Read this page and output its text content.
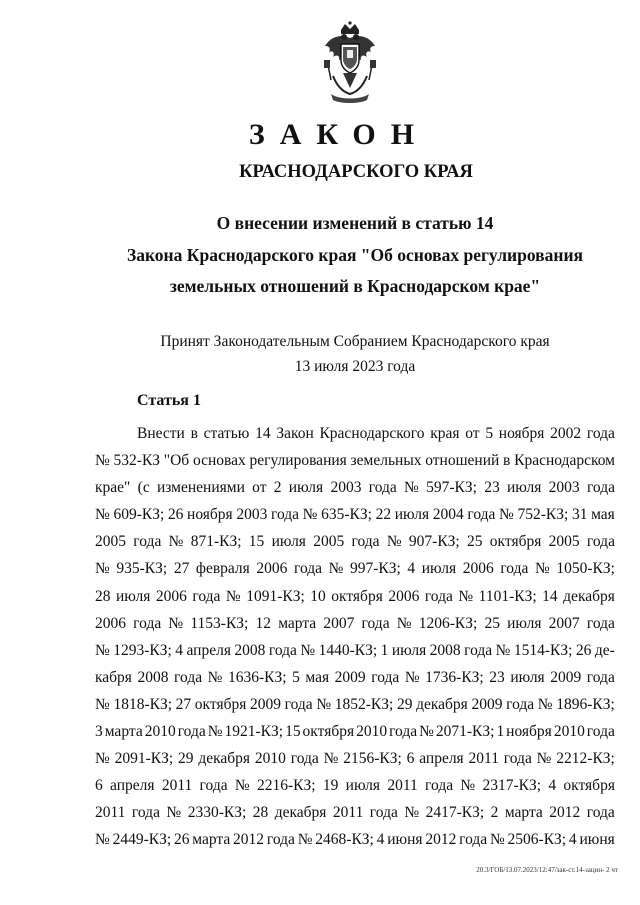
ЗАКОН
КРАСНОДАРСКОГО КРАЯ
О внесении изменений в статью 14
Закона Краснодарского края "Об основах регулирования
земельных отношений в Краснодарском крае"
Принят Законодательным Собранием Краснодарского края
13 июля 2023 года
Статья 1
Внести в статью 14 Закон Краснодарского края от 5 ноября 2002 года
№ 532-КЗ "Об основах регулирования земельных отношений в Краснодарском
крае" (с изменениями от 2 июля 2003 года № 597-КЗ; 23 июля 2003 года
№ 609-КЗ; 26 ноября 2003 года № 635-КЗ; 22 июля 2004 года № 752-КЗ; 31 мая
2005 года № 871-КЗ; 15 июля 2005 года № 907-КЗ; 25 октября 2005 года
№ 935-КЗ; 27 февраля 2006 года № 997-КЗ; 4 июля 2006 года № 1050-КЗ;
28 июля 2006 года № 1091-КЗ; 10 октября 2006 года № 1101-КЗ; 14 декабря
2006 года № 1153-КЗ; 12 марта 2007 года № 1206-КЗ; 25 июля 2007 года
№ 1293-КЗ; 4 апреля 2008 года № 1440-КЗ; 1 июля 2008 года № 1514-КЗ; 26 де-
кабря 2008 года № 1636-КЗ; 5 мая 2009 года № 1736-КЗ; 23 июля 2009 года
№ 1818-КЗ; 27 октября 2009 года № 1852-КЗ; 29 декабря 2009 года № 1896-КЗ;
3 марта 2010 года № 1921-КЗ; 15 октября 2010 года № 2071-КЗ; 1 ноября 2010 года
№ 2091-КЗ; 29 декабря 2010 года № 2156-КЗ; 6 апреля 2011 года № 2212-КЗ;
6 апреля 2011 года № 2216-КЗ; 19 июля 2011 года № 2317-КЗ; 4 октября
2011 года № 2330-КЗ; 28 декабря 2011 года № 2417-КЗ; 2 марта 2012 года
№ 2449-КЗ; 26 марта 2012 года № 2468-КЗ; 4 июня 2012 года № 2506-КЗ; 4 июня
20.3/ГОБ/13.07.2023/12:47/зак-ст.14-зацин- 2 чт
